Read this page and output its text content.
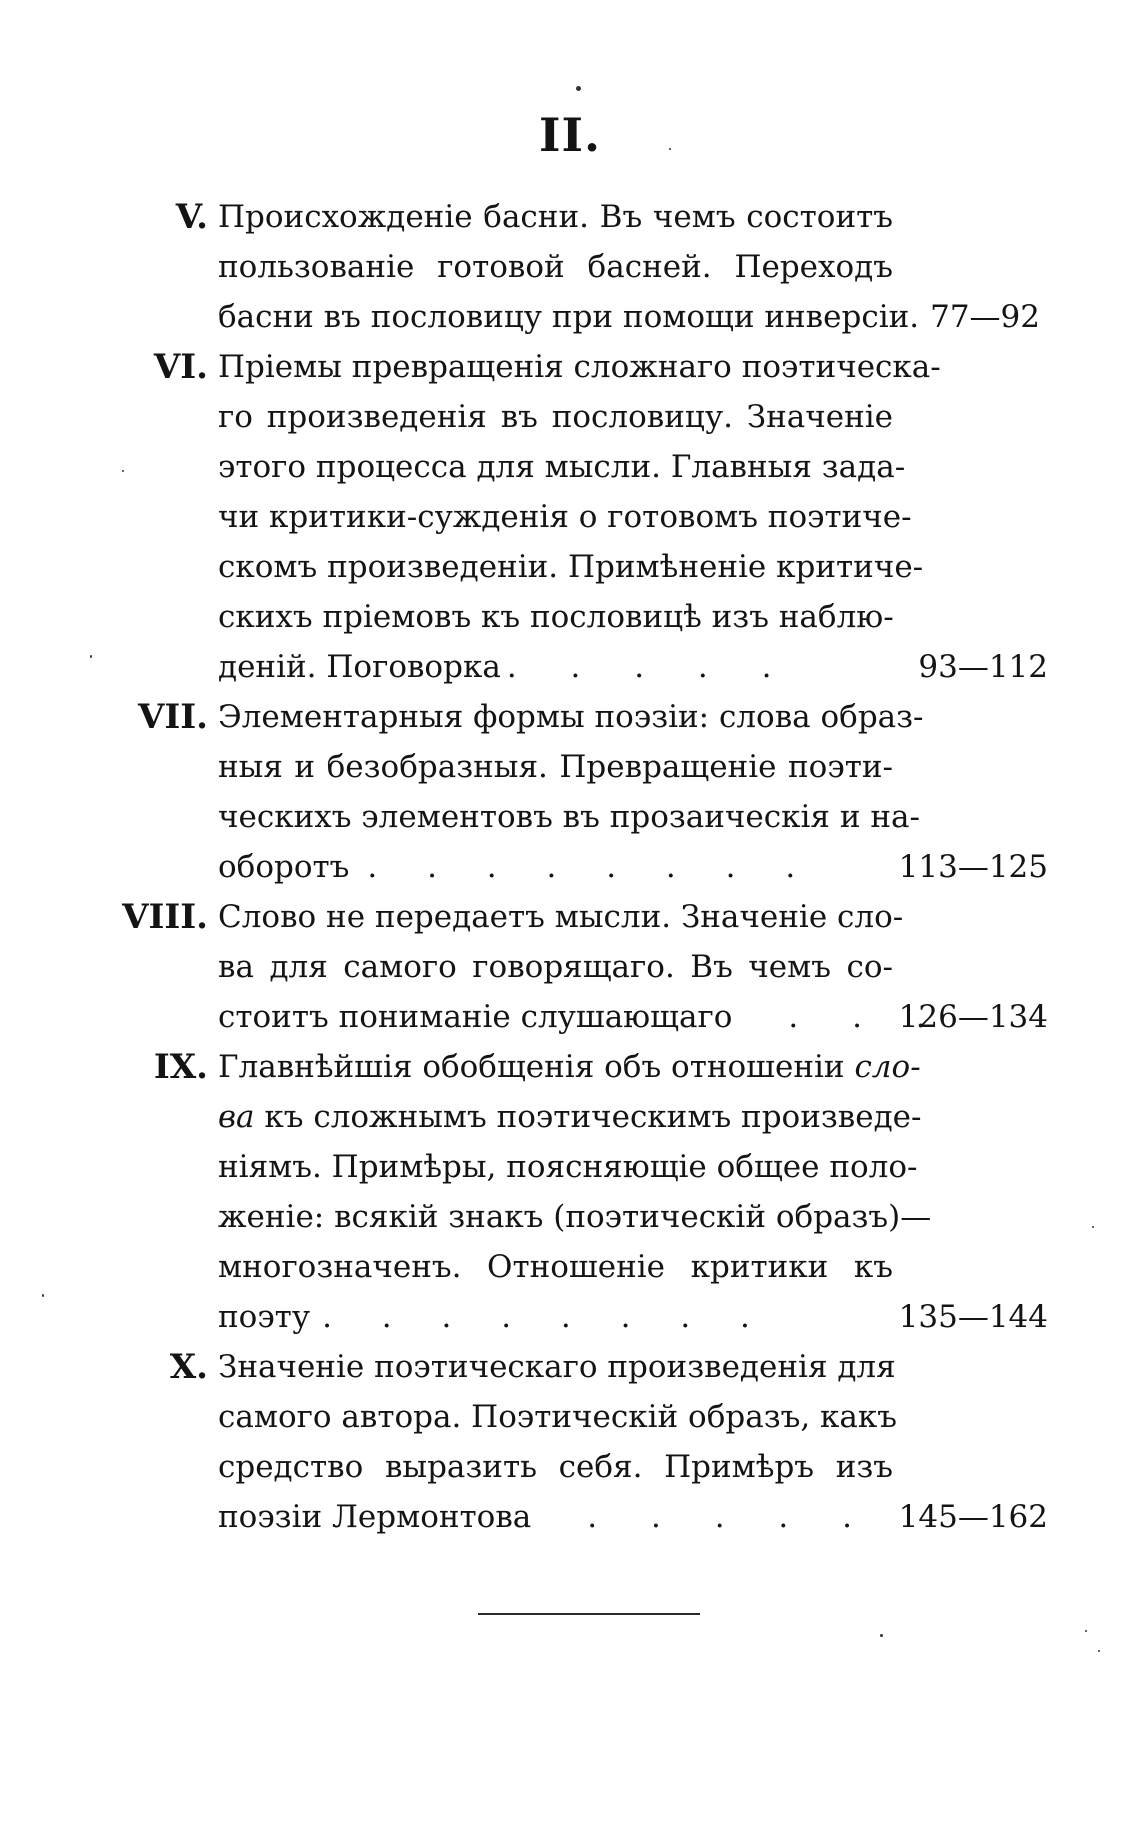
II.
V. Происхожденіе басни. Въ чемъ состоитъ
пользованіе готовой басней. Переходъ
басни въ пословицу при помощи инверсіи. 77—92
VI. Пріемы превращенія сложнаго поэтическа-
го произведенія въ пословицу. Значеніе
этого процесса для мысли. Главныя зада-
чи критики-сужденія о готовомъ поэтиче-
скомъ произведеніи. Примѣненіе критиче-
скихъ пріемовъ къ пословицѣ изъ наблю-
деній. Поговорка . . . . .	93—112
VII. Элементарныя формы поэзіи: слова образ-
ныя и безобразныя. Превращеніе поэти-
ческихъ элементовъ въ прозаическія и на-
оборотъ . . . . . . . .	113—125
VIII. Слово не передаетъ мысли. Значеніе сло-
ва для самого говорящаго. Въ чемъ со-
стоитъ пониманіе слушающаго . . .
126—134
IX. Главнѣйшія обобщенія объ отношеніи сло-
ва къ сложнымъ поэтическимъ произведе-
ніямъ. Примѣры, поясняющіе общее поло-
женіе: всякій знакъ (поэтическій образъ)—
многозначенъ. Отношеніе критики къ
поэту . . . . . . . .	135—144
X. Значеніе поэтическаго произведенія для
самого автора. Поэтическій образъ, какъ
средство выразить себя. Примѣръ изъ
поэзіи Лермонтова . . . . .	145—162
